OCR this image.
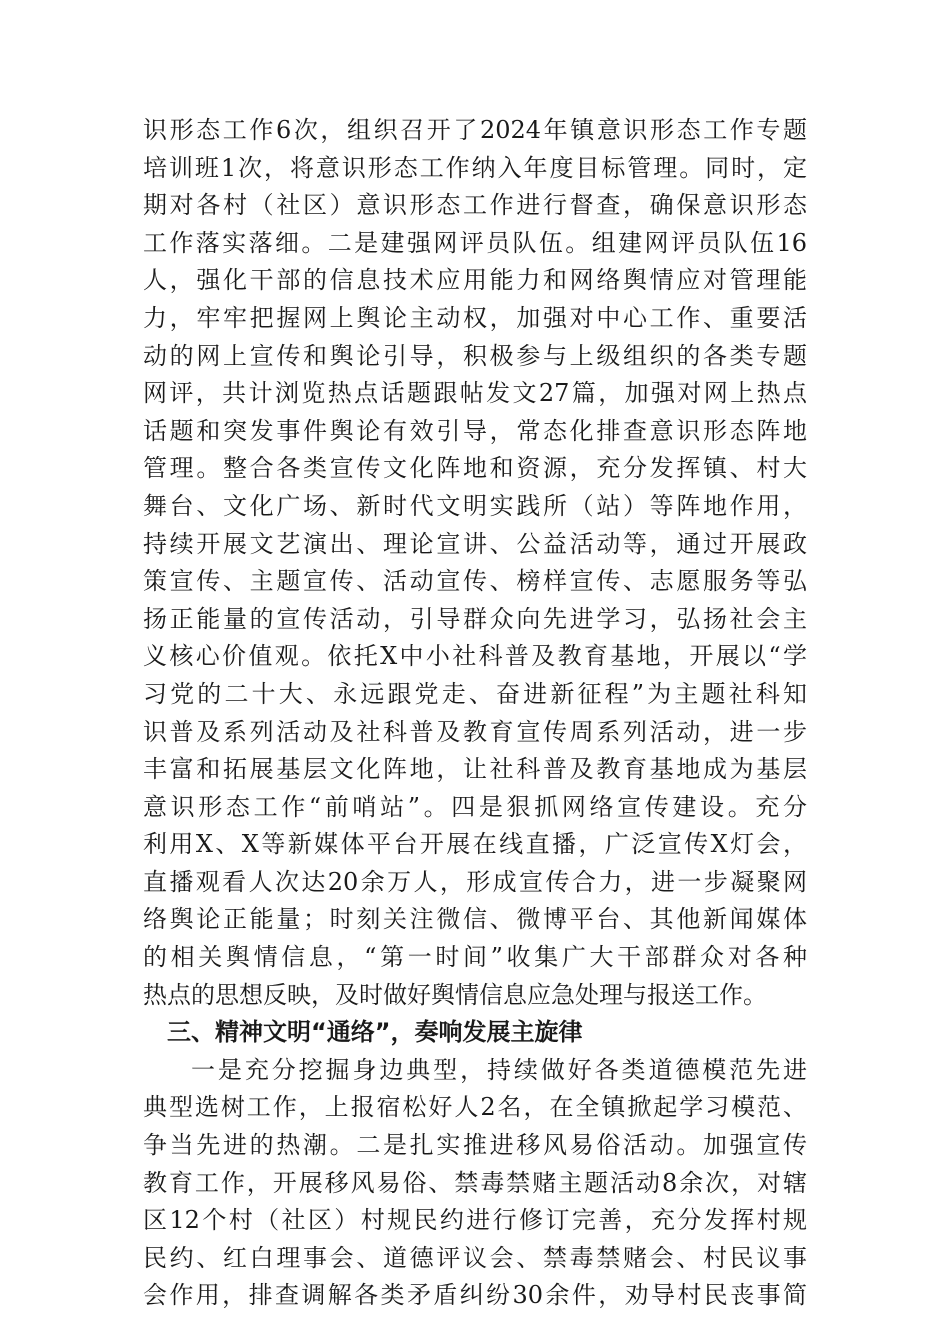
识形态工作6次，组织召开了2024年镇意识形态工作专题
培训班1次，将意识形态工作纳入年度目标管理。同时，定
期对各村（社区）意识形态工作进行督查，确保意识形态
工作落实落细。二是建强网评员队伍。组建网评员队伍16
人，强化干部的信息技术应用能力和网络舆情应对管理能
力，牢牢把握网上舆论主动权，加强对中心工作、重要活
动的网上宣传和舆论引导，积极参与上级组织的各类专题
网评，共计浏览热点话题跟帖发文27篇，加强对网上热点
话题和突发事件舆论有效引导，常态化排查意识形态阵地
管理。整合各类宣传文化阵地和资源，充分发挥镇、村大
舞台、文化广场、新时代文明实践所（站）等阵地作用，
持续开展文艺演出、理论宣讲、公益活动等，通过开展政
策宣传、主题宣传、活动宣传、榜样宣传、志愿服务等弘
扬正能量的宣传活动，引导群众向先进学习，弘扬社会主
义核心价值观。依托X中小社科普及教育基地，开展以“学
习党的二十大、永远跟党走、奋进新征程”为主题社科知
识普及系列活动及社科普及教育宣传周系列活动，进一步
丰富和拓展基层文化阵地，让社科普及教育基地成为基层
意识形态工作“前哨站”。四是狠抓网络宣传建设。充分
利用X、X等新媒体平台开展在线直播，广泛宣传X灯会，
直播观看人次达20余万人，形成宣传合力，进一步凝聚网
络舆论正能量；时刻关注微信、微博平台、其他新闻媒体
的相关舆情信息，“第一时间”收集广大干部群众对各种
热点的思想反映，及时做好舆情信息应急处理与报送工作。
三、精神文明“通络”，奏响发展主旋律
一是充分挖掘身边典型，持续做好各类道德模范先进
典型选树工作，上报宿松好人2名，在全镇掀起学习模范、
争当先进的热潮。二是扎实推进移风易俗活动。加强宣传
教育工作，开展移风易俗、禁毒禁赌主题活动8余次，对辖
区12个村（社区）村规民约进行修订完善，充分发挥村规
民约、红白理事会、道德评议会、禁毒禁赌会、村民议事
会作用，排查调解各类矛盾纠纷30余件，劝导村民丧事简
